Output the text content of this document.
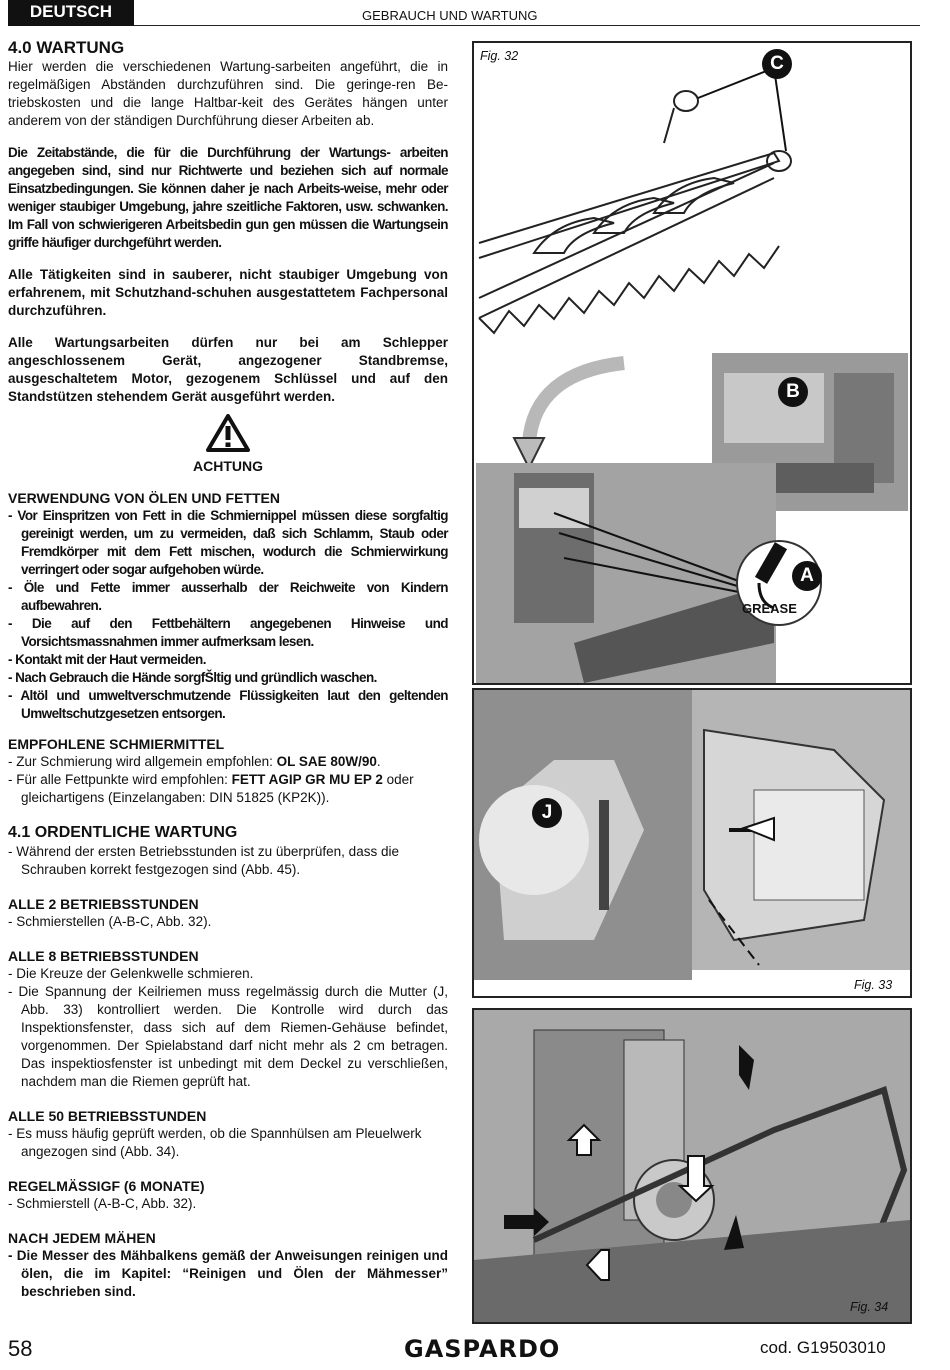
DEUTSCH	GEBRAUCH UND WARTUNG
4.0 WARTUNG

Hier werden die verschiedenen Wartung-sarbeiten angeführt, die in regelmäßigen Abständen durchzuführen sind. Die geringe-ren Be-triebskosten und die lange Haltbar-keit des Gerätes hängen unter anderem von der ständigen Durchführung dieser Arbeiten ab.

Die Zeitabstände, die für die Durchführung der Wartungs- arbeiten angegeben sind, sind nur Richtwerte und beziehen sich auf normale Einsatzbedingungen. Sie können daher je nach Arbeits-weise, mehr oder weniger staubiger Umgebung, jahre szeitliche Faktoren, usw. schwanken. Im Fall von schwierigeren Arbeitsbedin gun gen müssen die Wartungsein griffe häufiger durchgeführt werden.

Alle Tätigkeiten sind in sauberer, nicht staubiger Umgebung von erfahrenem, mit Schutzhand-schuhen ausgestattetem Fachpersonal durchzuführen.

Alle Wartungsarbeiten dürfen nur bei am Schlepper angeschlossenem Gerät, angezogener Standbremse, ausgeschaltetem Motor, gezogenem Schlüssel und auf den Standstützen stehendem Gerät ausgeführt werden.

ACHTUNG
VERWENDUNG VON ÖLEN UND FETTEN

- Vor Einspritzen von Fett in die Schmiernippel müssen diese sorgfaltig gereinigt werden, um zu vermeiden, daß sich Schlamm, Staub oder Fremdkörper mit dem Fett mischen, wodurch die Schmierwirkung verringert oder sogar aufgehoben würde.

- Öle und Fette immer ausserhalb der Reichweite von Kindern aufbewahren.

- Die auf den Fettbehältern angegebenen Hinweise und Vorsichtsmassnahmen immer aufmerksam lesen.

- Kontakt mit der Haut vermeiden.

- Nach Gebrauch die Hände sorgfŠltig und gründlich waschen.

- Altöl und umweltverschmutzende Flüssigkeiten laut den geltenden Umweltschutzgesetzen entsorgen.

EMPFOHLENE SCHMIERMITTEL

- Zur Schmierung wird allgemein empfohlen: OL SAE 80W/90.

- Für alle Fettpunkte wird empfohlen: FETT AGIP GR MU EP 2 oder gleichartigens (Einzelangaben: DIN 51825 (KP2K)).

4.1 ORDENTLICHE WARTUNG

- Während der ersten Betriebsstunden ist zu überprüfen, dass die Schrauben korrekt festgezogen sind (Abb. 45).

ALLE 2 BETRIEBSSTUNDEN

- Schmierstellen (A-B-C, Abb. 32).

ALLE 8 BETRIEBSSTUNDEN

- Die Kreuze der Gelenkwelle schmieren.

- Die Spannung der Keilriemen muss regelmässig durch die Mutter (J, Abb. 33) kontrolliert werden. Die Kontrolle wird durch das Inspektionsfenster, dass sich auf dem Riemen-Gehäuse befindet, vorgenommen. Der Spielabstand darf nicht mehr als 2 cm betragen. Das inspektiosfenster ist unbedingt mit dem Deckel zu verschließen, nachdem man die Riemen geprüft hat.

ALLE 50 BETRIEBSSTUNDEN

- Es muss häufig geprüft werden, ob die Spannhülsen am Pleuelwerk angezogen sind (Abb. 34).

REGELMÄSSIGF (6 MONATE)

- Schmierstell (A-B-C, Abb. 32).

NACH JEDEM MÄHEN

- Die Messer des Mähbalkens gemäß der Anweisungen reinigen und ölen, die im Kapitel: “Reinigen und Ölen der Mähmesser” beschrieben sind.

Fig. 32	C
B
A
GREASE
J
Fig. 33
Fig. 34
58	GASPARDO	cod. G19503010
